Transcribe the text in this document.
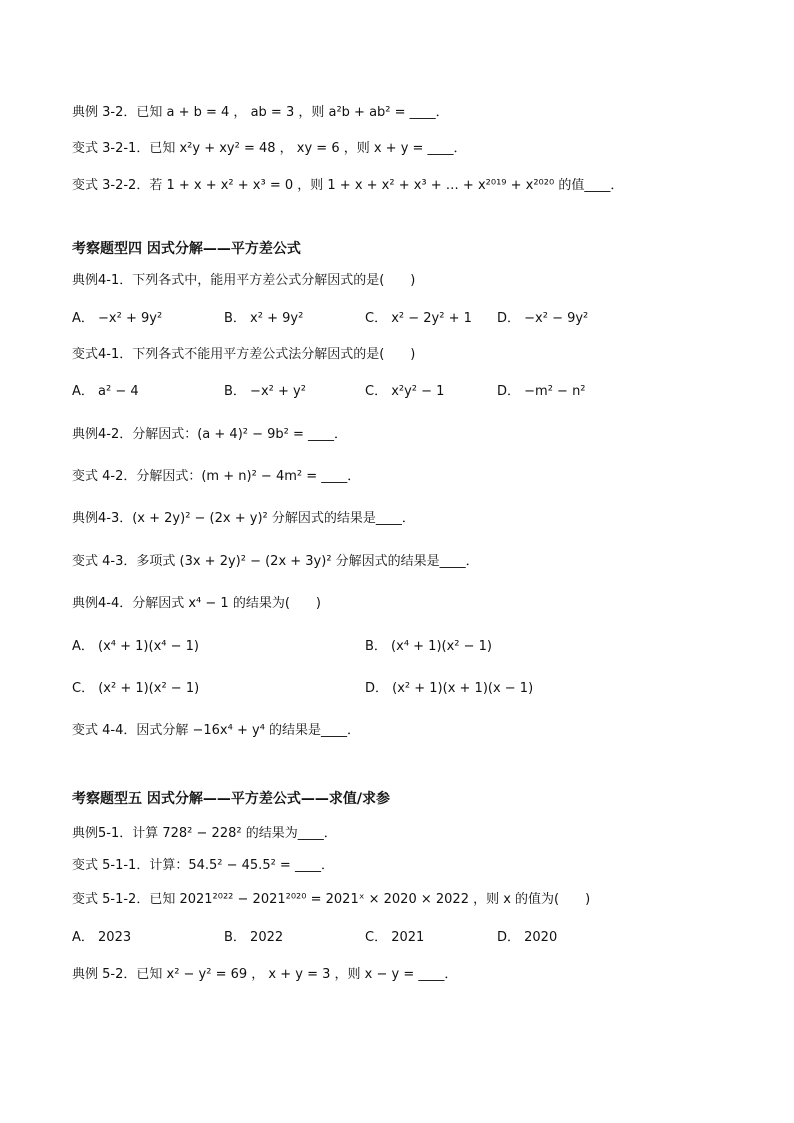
典例 3-2．已知 a + b = 4 ， ab = 3 ，则 a²b + ab² = ____．
变式 3-2-1．已知 x²y + xy² = 48 ， xy = 6 ，则 x + y = ____．
变式 3-2-2．若 1 + x + x² + x³ = 0 ，则 1 + x + x² + x³ + … + x²⁰¹⁹ + x²⁰²⁰ 的值____．
考察题型四 因式分解——平方差公式
典例4-1．下列各式中，能用平方差公式分解因式的是(　　)
A． −x² + 9y²	B． x² + 9y²	C． x² − 2y² + 1 D． −x² − 9y²
变式4-1．下列各式不能用平方差公式法分解因式的是(　　)
A． a² − 4	B． −x² + y²	C． x²y² − 1	D． −m² − n²
典例4-2．分解因式：(a + 4)² − 9b² = ____．
变式 4-2．分解因式：(m + n)² − 4m² = ____．
典例4-3．(x + 2y)² − (2x + y)² 分解因式的结果是____．
变式 4-3．多项式 (3x + 2y)² − (2x + 3y)² 分解因式的结果是____．
典例4-4．分解因式 x⁴ − 1 的结果为(　　)
A． (x⁴ + 1)(x⁴ − 1)	B． (x⁴ + 1)(x² − 1)
C． (x² + 1)(x² − 1)	D． (x² + 1)(x + 1)(x − 1)
变式 4-4．因式分解 −16x⁴ + y⁴ 的结果是____．
考察题型五 因式分解——平方差公式——求值/求参
典例5-1．计算 728² − 228² 的结果为____．
变式 5-1-1．计算：54.5² − 45.5² = ____．
变式 5-1-2．已知 2021²⁰²² − 2021²⁰²⁰ = 2021ˣ × 2020 × 2022 ，则 x 的值为(　　)
A． 2023	B． 2022	C． 2021	D． 2020
典例 5-2．已知 x² − y² = 69 ， x + y = 3 ，则 x − y = ____．
